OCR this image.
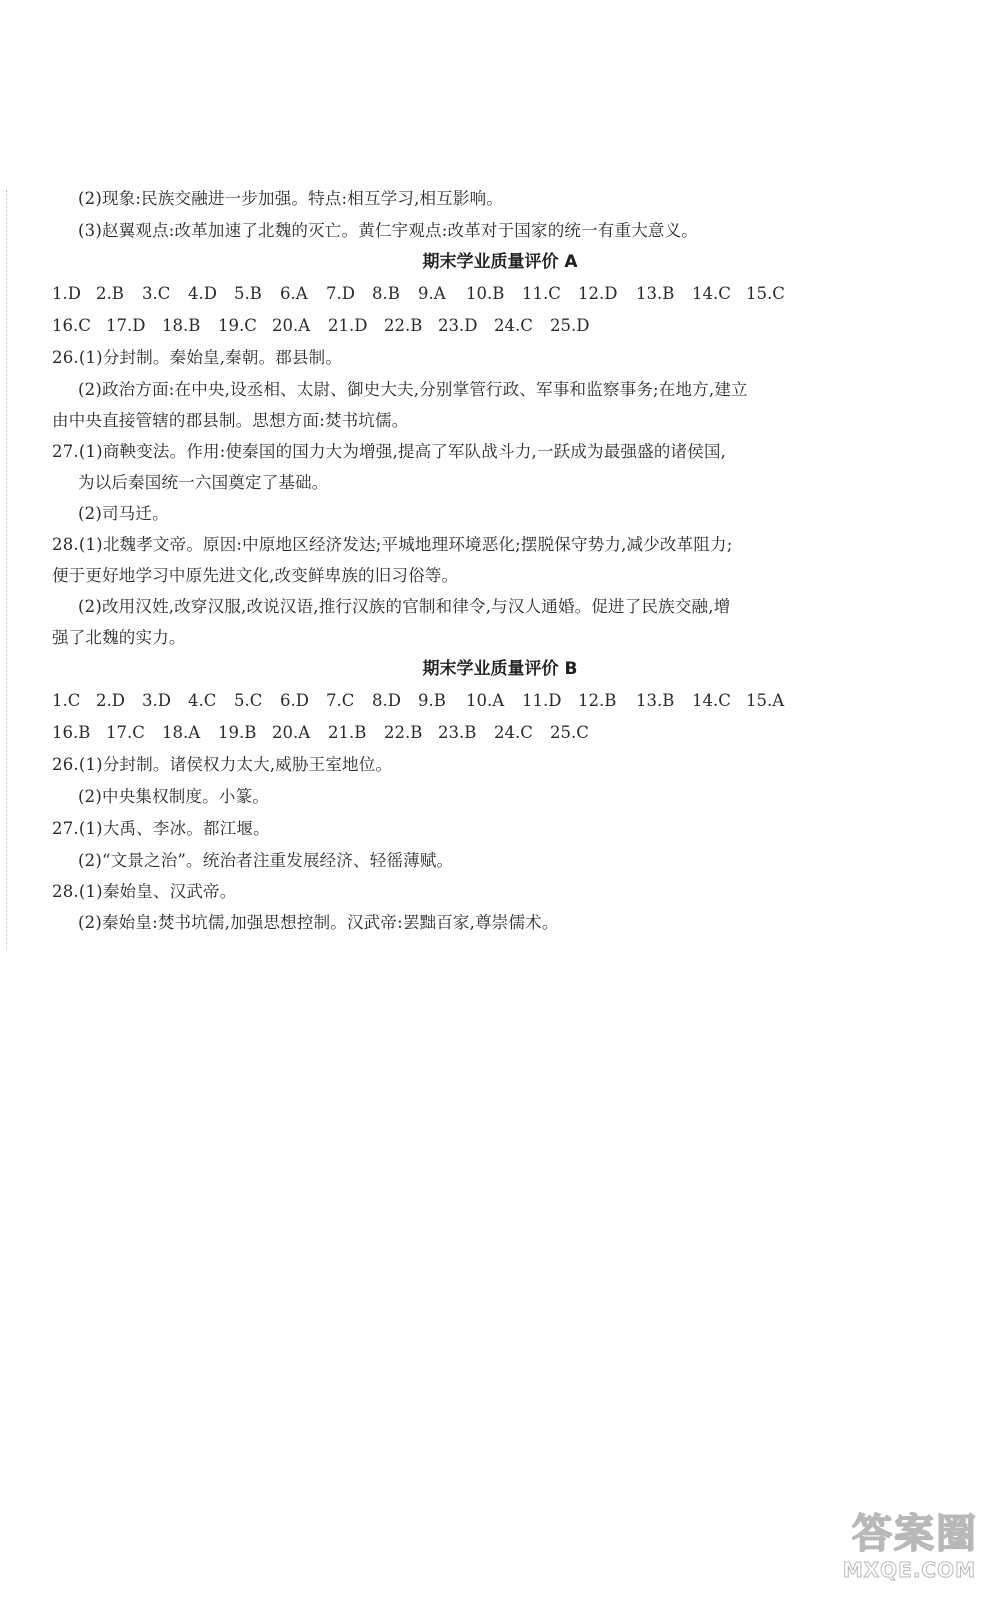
(2)现象:民族交融进一步加强。特点:相互学习,相互影响。
(3)赵翼观点:改革加速了北魏的灭亡。黄仁宇观点:改革对于国家的统一有重大意义。
期末学业质量评价 A
1.D 2.B 3.C 4.D 5.B 6.A 7.D 8.B 9.A 10.B 11.C 12.D 13.B 14.C 15.C
16.C 17.D 18.B 19.C 20.A 21.D 22.B 23.D 24.C 25.D
26.(1)分封制。秦始皇,秦朝。郡县制。
(2)政治方面:在中央,设丞相、太尉、御史大夫,分别掌管行政、军事和监察事务;在地方,建立
由中央直接管辖的郡县制。思想方面:焚书坑儒。
27.(1)商鞅变法。作用:使秦国的国力大为增强,提高了军队战斗力,一跃成为最强盛的诸侯国,
为以后秦国统一六国奠定了基础。
(2)司马迁。
28.(1)北魏孝文帝。原因:中原地区经济发达;平城地理环境恶化;摆脱保守势力,减少改革阻力;
便于更好地学习中原先进文化,改变鲜卑族的旧习俗等。
(2)改用汉姓,改穿汉服,改说汉语,推行汉族的官制和律令,与汉人通婚。促进了民族交融,增
强了北魏的实力。
期末学业质量评价 B
1.C 2.D 3.D 4.C 5.C 6.D 7.C 8.D 9.B 10.A 11.D 12.B 13.B 14.C 15.A
16.B 17.C 18.A 19.B 20.A 21.B 22.B 23.B 24.C 25.C
26.(1)分封制。诸侯权力太大,威胁王室地位。
(2)中央集权制度。小篆。
27.(1)大禹、李冰。都江堰。
(2)“文景之治”。统治者注重发展经济、轻徭薄赋。
28.(1)秦始皇、汉武帝。
(2)秦始皇:焚书坑儒,加强思想控制。汉武帝:罢黜百家,尊崇儒术。
答案圈
MXQE.COM
